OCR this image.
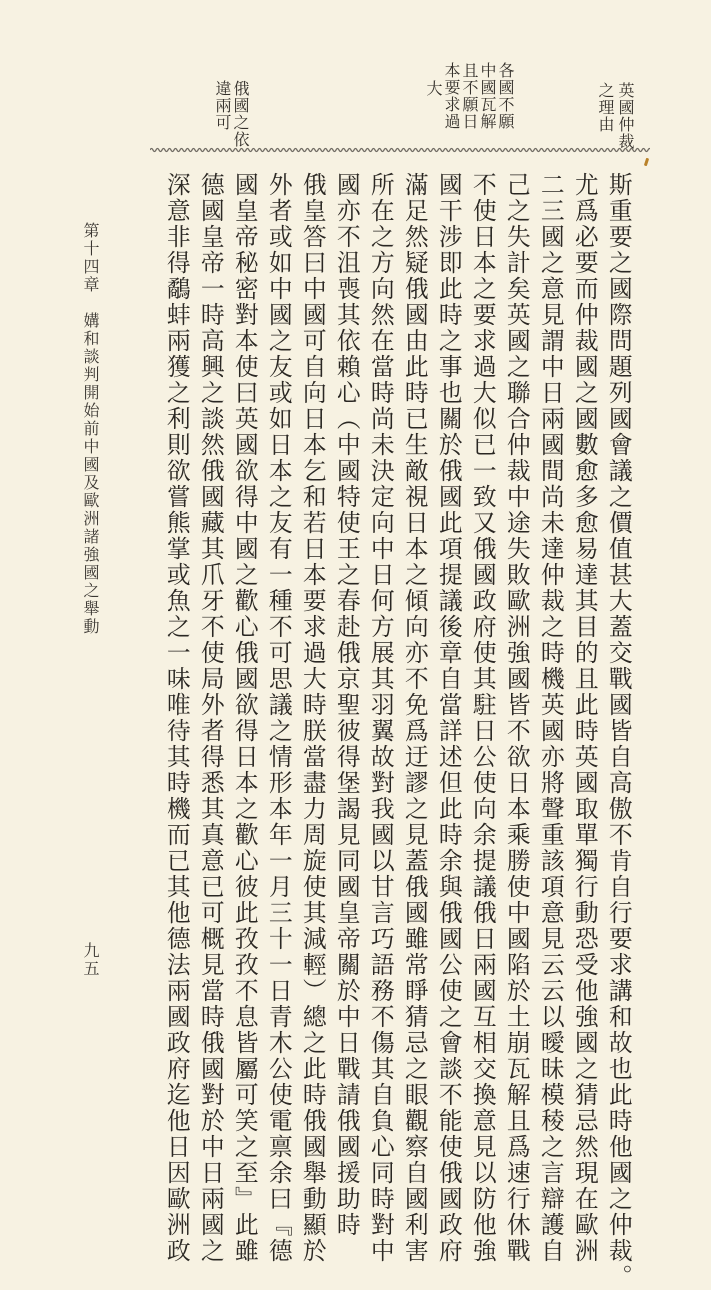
英國仲裁
之理由
各國不願
中國瓦解
且不願日
本要求過
大
俄國之依
違兩可
斯重要之國際問題列國會議之價值甚大蓋交戰國皆自高傲不肯自行要求講和故也此時他國之仲裁。
尤爲必要而仲裁國之國數愈多愈易達其目的且此時英國取單獨行動恐受他強國之猜忌然現在歐洲
二三國之意見謂中日兩國間尚未達仲裁之時機英國亦將聲重該項意見云云以曖昧模稜之言辯護自
己之失計矣英國之聯合仲裁中途失敗歐洲強國皆不欲日本乘勝使中國陷於土崩瓦解且爲速行休戰
不使日本之要求過大似已一致又俄國政府使其駐日公使向余提議俄日兩國互相交換意見以防他強
國干涉即此時之事也關於俄國此項提議後章自當詳述但此時余與俄國公使之會談不能使俄國政府
滿足然疑俄國由此時已生敵視日本之傾向亦不免爲迂謬之見蓋俄國雖常睜猜忌之眼觀察自國利害
所在之方向然在當時尚未決定向中日何方展其羽翼故對我國以甘言巧語務不傷其自負心同時對中
國亦不沮喪其依賴心（中國特使王之春赴俄京聖彼得堡謁見同國皇帝關於中日戰請俄國援助時
俄皇答曰中國可自向日本乞和若日本要求過大時朕當盡力周旋使其減輕）總之此時俄國舉動顯於
外者或如中國之友或如日本之友有一種不可思議之情形本年一月三十一日青木公使電禀余曰『德
國皇帝秘密對本使曰英國欲得中國之歡心俄國欲得日本之歡心彼此孜孜不息皆屬可笑之至』此雖
德國皇帝一時高興之談然俄國藏其爪牙不使局外者得悉其真意已可概見當時俄國對於中日兩國之
深意非得鷸蚌兩獲之利則欲嘗熊掌或魚之一味唯待其時機而已其他德法兩國政府迄他日因歐洲政
第十四章　媾和談判開始前中國及歐洲諸強國之舉動
九五
